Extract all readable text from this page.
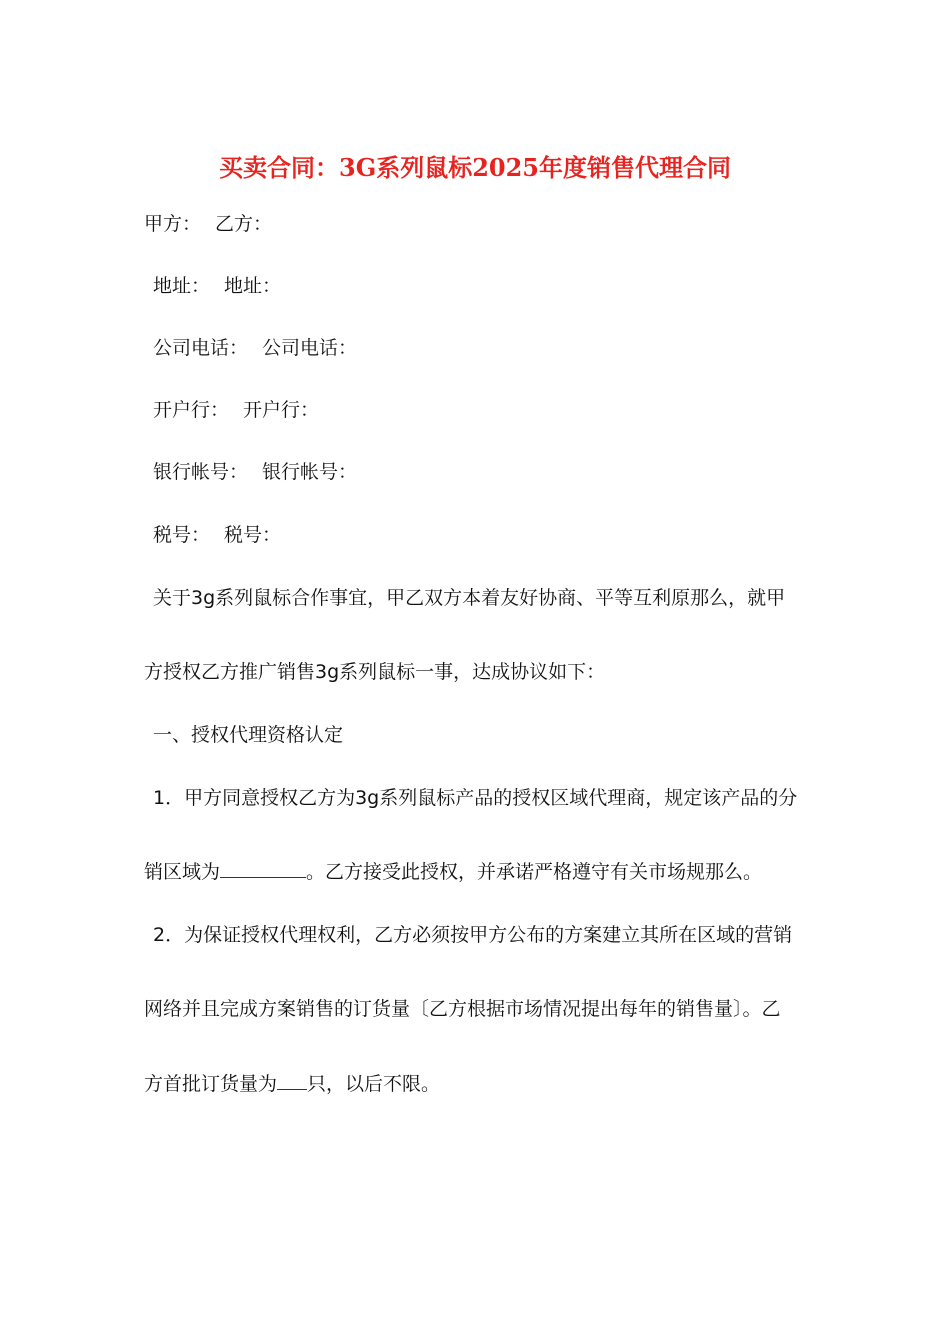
买卖合同：3G系列鼠标2025年度销售代理合同
甲方： 乙方：
地址： 地址：
公司电话： 公司电话：
开户行： 开户行：
银行帐号： 银行帐号：
税号： 税号：
关于3g系列鼠标合作事宜，甲乙双方本着友好协商、平等互利原那么，就甲
方授权乙方推广销售3g系列鼠标一事，达成协议如下：
一、授权代理资格认定
1．甲方同意授权乙方为3g系列鼠标产品的授权区域代理商，规定该产品的分
销区域为	。乙方接受此授权，并承诺严格遵守有关市场规那么。
2．为保证授权代理权利，乙方必须按甲方公布的方案建立其所在区域的营销
网络并且完成方案销售的订货量〔乙方根据市场情况提出每年的销售量〕。乙
方首批订货量为 只，以后不限。
